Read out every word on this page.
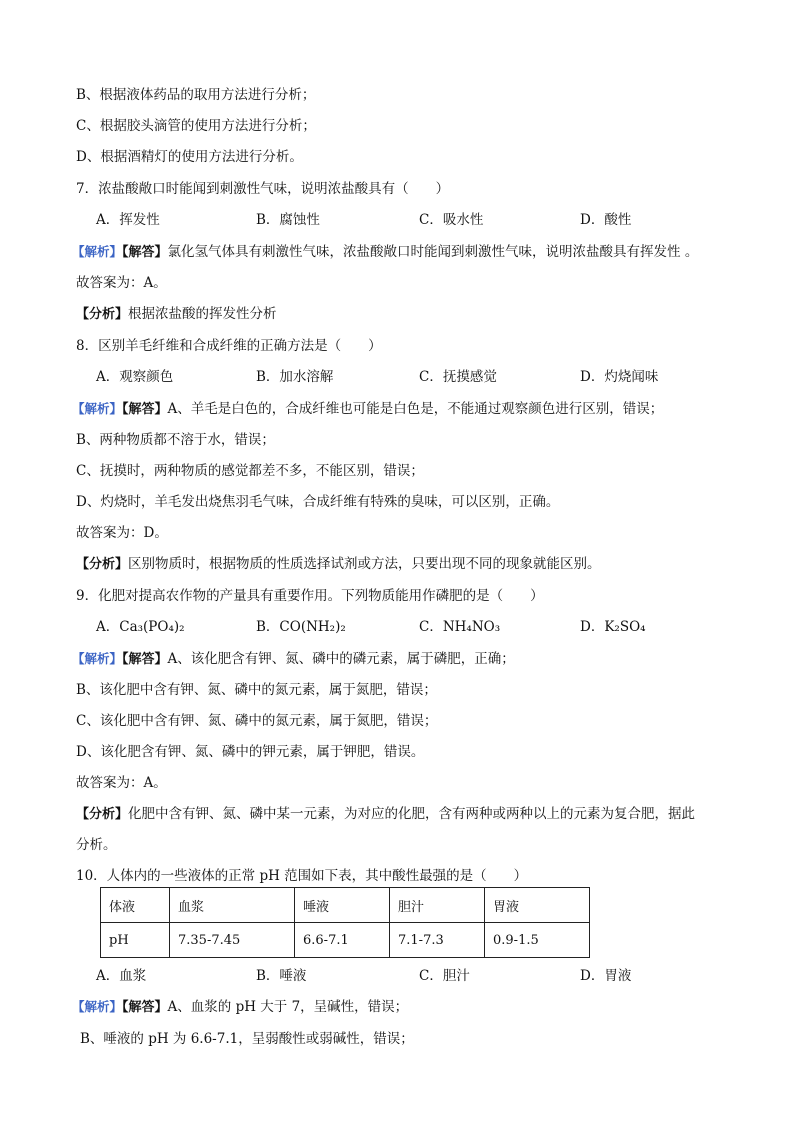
B、根据液体药品的取用方法进行分析；
C、根据胶头滴管的使用方法进行分析；
D、根据酒精灯的使用方法进行分析。
7．浓盐酸敞口时能闻到刺激性气味，说明浓盐酸具有（　　）
A．挥发性	B．腐蚀性	C．吸水性	D．酸性
【解析】【解答】氯化氢气体具有刺激性气味，浓盐酸敞口时能闻到刺激性气味，说明浓盐酸具有挥发性 。
故答案为：A。
【分析】根据浓盐酸的挥发性分析
8．区别羊毛纤维和合成纤维的正确方法是（　　）
A．观察颜色	B．加水溶解	C．抚摸感觉	D．灼烧闻味
【解析】【解答】A、羊毛是白色的，合成纤维也可能是白色是，不能通过观察颜色进行区别，错误；
B、两种物质都不溶于水，错误；
C、抚摸时，两种物质的感觉都差不多，不能区别，错误；
D、灼烧时，羊毛发出烧焦羽毛气味，合成纤维有特殊的臭味，可以区别，正确。
故答案为：D。
【分析】区别物质时，根据物质的性质选择试剂或方法，只要出现不同的现象就能区别。
9．化肥对提高农作物的产量具有重要作用。下列物质能用作磷肥的是（　　）
A．Ca₃(PO₄)₂	B．CO(NH₂)₂	C．NH₄NO₃	D．K₂SO₄
【解析】【解答】A、该化肥含有钾、氮、磷中的磷元素，属于磷肥，正确；
B、该化肥中含有钾、氮、磷中的氮元素，属于氮肥，错误；
C、该化肥中含有钾、氮、磷中的氮元素，属于氮肥，错误；
D、该化肥含有钾、氮、磷中的钾元素，属于钾肥，错误。
故答案为：A。
【分析】化肥中含有钾、氮、磷中某一元素，为对应的化肥，含有两种或两种以上的元素为复合肥，据此
分析。
10．人体内的一些液体的正常 pH 范围如下表，其中酸性最强的是（　　）
体液	血浆	唾液	胆汁	胃液
pH	7.35-7.45	6.6-7.1	7.1-7.3	0.9-1.5
A．血浆	B．唾液	C．胆汁	D．胃液
【解析】【解答】A、血浆的 pH 大于 7，呈碱性，错误；
B、唾液的 pH 为 6.6-7.1，呈弱酸性或弱碱性，错误；
